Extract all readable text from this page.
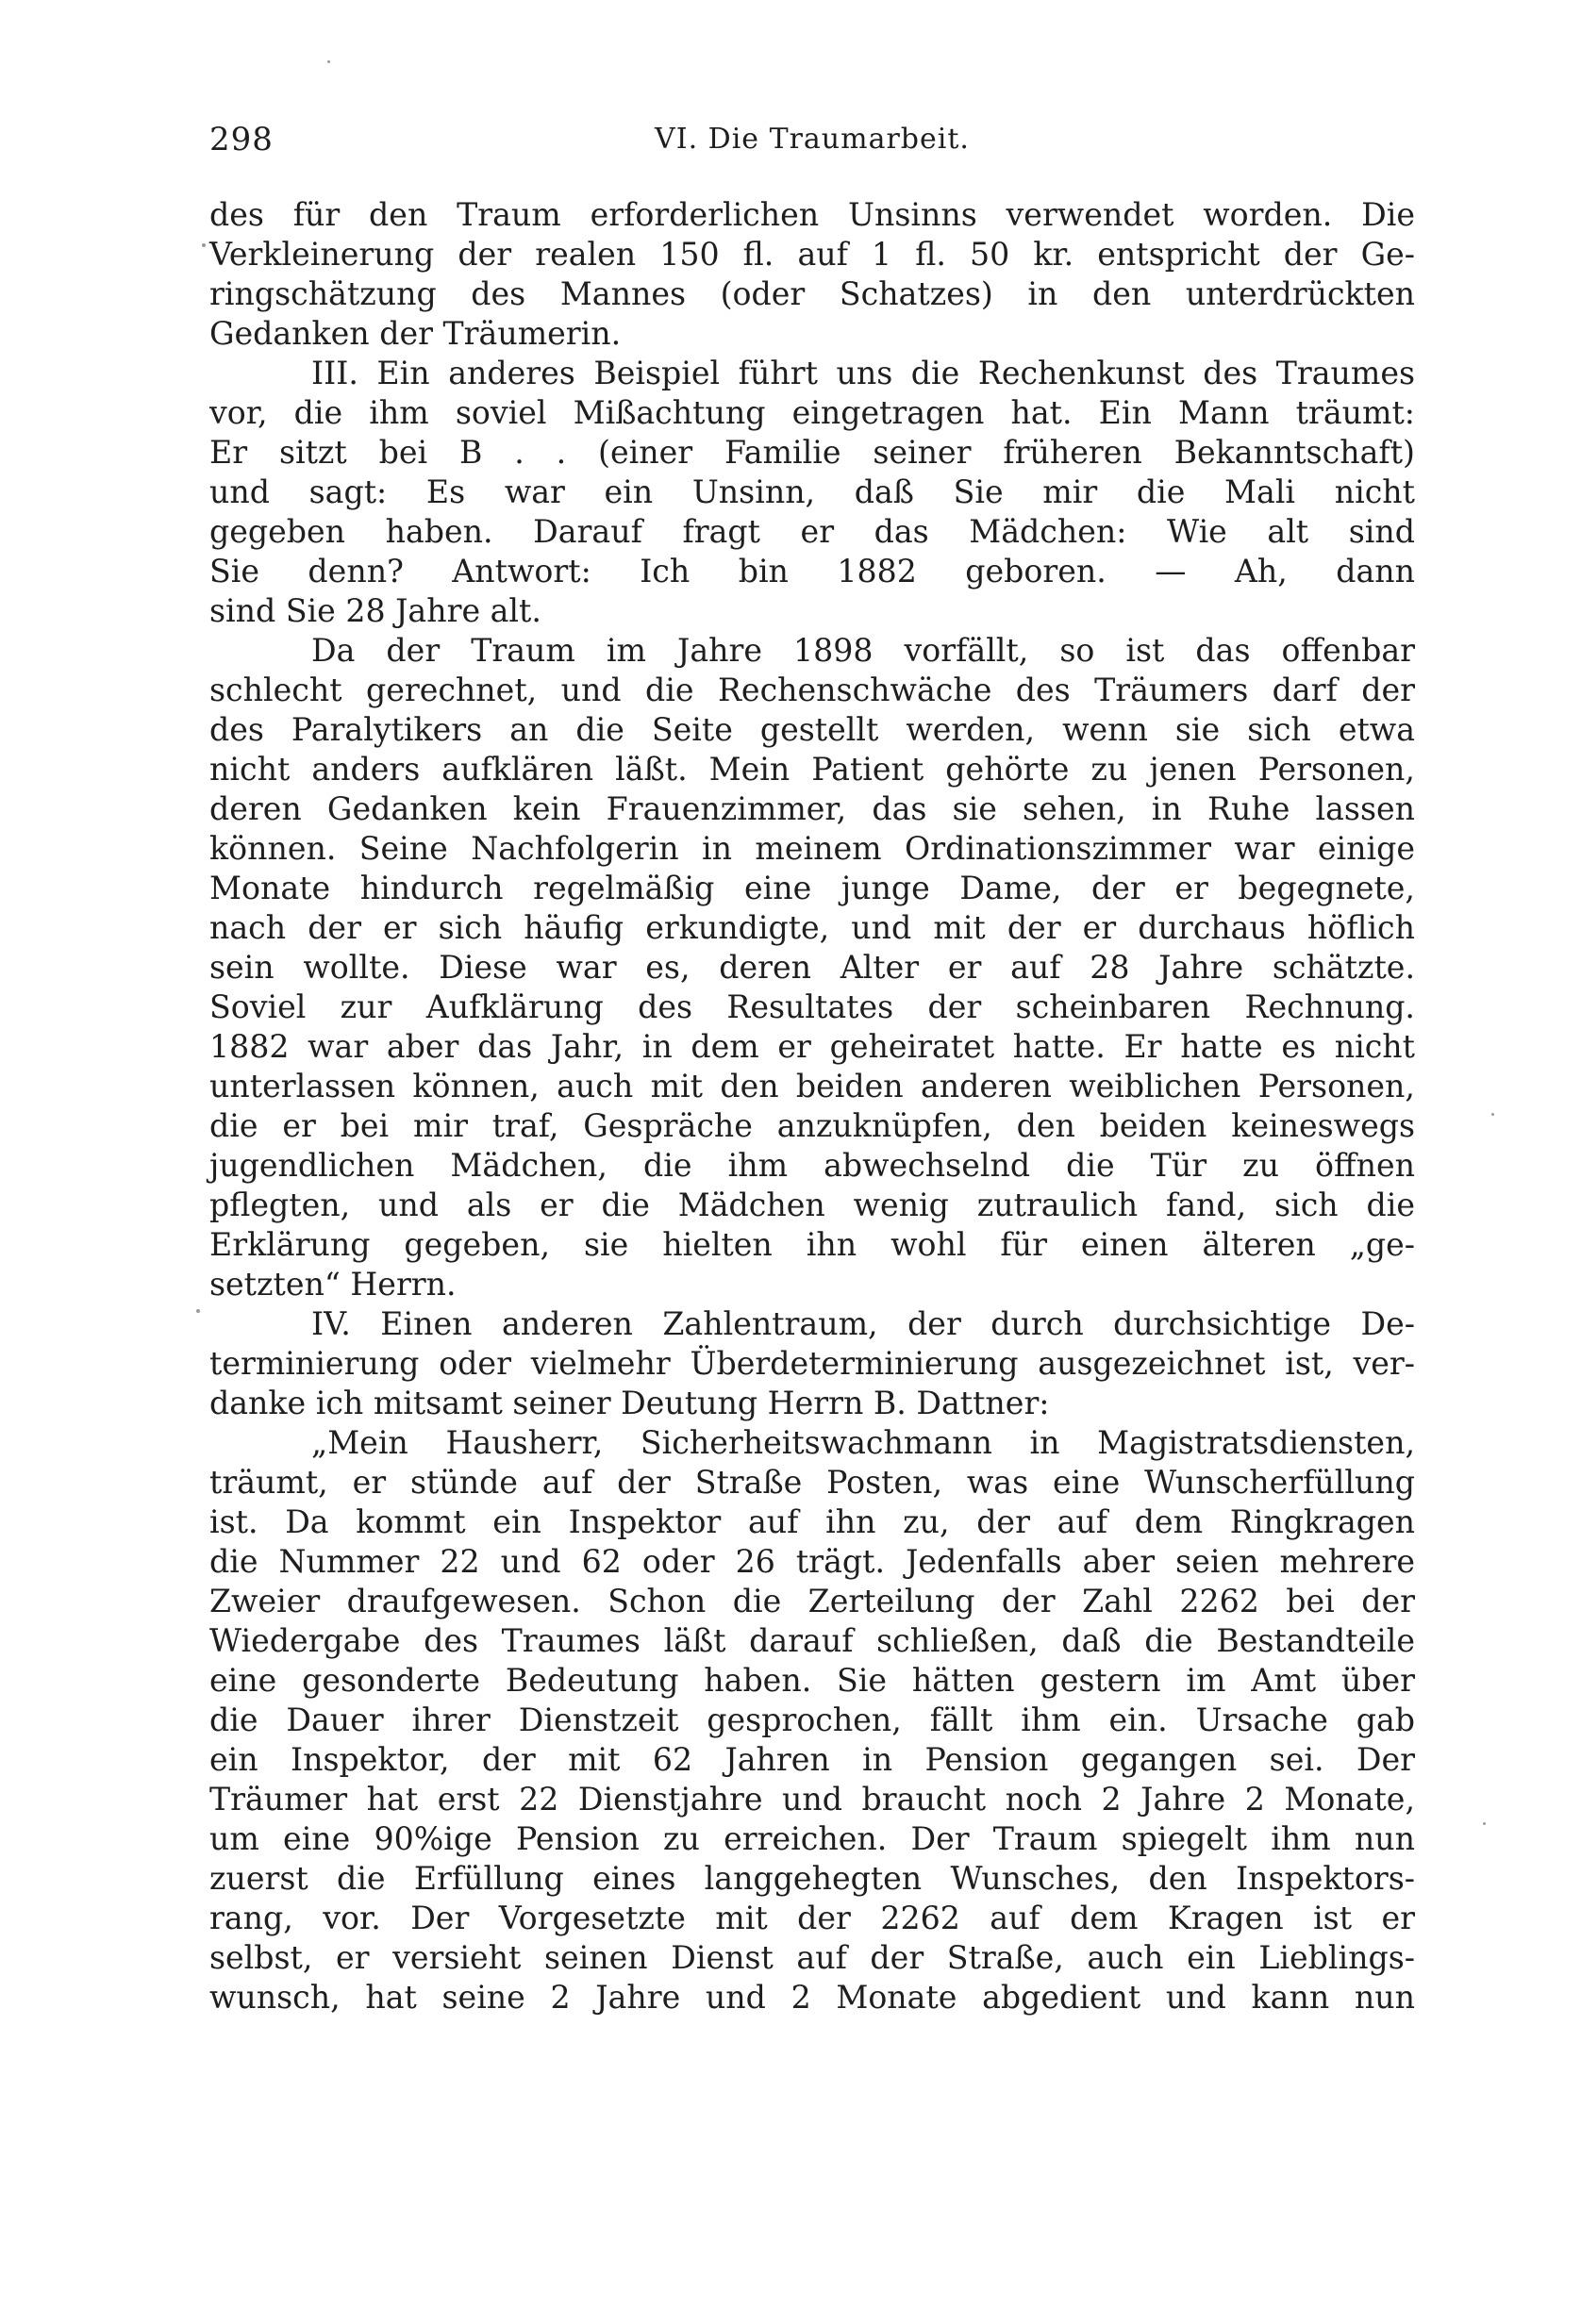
298	VI. Die Traumarbeit.
des für den Traum erforderlichen Unsinns verwendet worden. Die
Verkleinerung der realen 150 fl. auf 1 fl. 50 kr. entspricht der Ge-
ringschätzung des Mannes (oder Schatzes) in den unterdrückten
Gedanken der Träumerin.
III. Ein anderes Beispiel führt uns die Rechenkunst des Traumes
vor, die ihm soviel Mißachtung eingetragen hat. Ein Mann träumt:
Er sitzt bei B . . (einer Familie seiner früheren Bekanntschaft)
und sagt: Es war ein Unsinn, daß Sie mir die Mali nicht
gegeben haben. Darauf fragt er das Mädchen: Wie alt sind
Sie denn? Antwort: Ich bin 1882 geboren. — Ah, dann
sind Sie 28 Jahre alt.
Da der Traum im Jahre 1898 vorfällt, so ist das offenbar
schlecht gerechnet, und die Rechenschwäche des Träumers darf der
des Paralytikers an die Seite gestellt werden, wenn sie sich etwa
nicht anders aufklären läßt. Mein Patient gehörte zu jenen Personen,
deren Gedanken kein Frauenzimmer, das sie sehen, in Ruhe lassen
können. Seine Nachfolgerin in meinem Ordinationszimmer war einige
Monate hindurch regelmäßig eine junge Dame, der er begegnete,
nach der er sich häufig erkundigte, und mit der er durchaus höflich
sein wollte. Diese war es, deren Alter er auf 28 Jahre schätzte.
Soviel zur Aufklärung des Resultates der scheinbaren Rechnung.
1882 war aber das Jahr, in dem er geheiratet hatte. Er hatte es nicht
unterlassen können, auch mit den beiden anderen weiblichen Personen,
die er bei mir traf, Gespräche anzuknüpfen, den beiden keineswegs
jugendlichen Mädchen, die ihm abwechselnd die Tür zu öffnen
pflegten, und als er die Mädchen wenig zutraulich fand, sich die
Erklärung gegeben, sie hielten ihn wohl für einen älteren „ge-
setzten“ Herrn.
IV. Einen anderen Zahlentraum, der durch durchsichtige De-
terminierung oder vielmehr Überdeterminierung ausgezeichnet ist, ver-
danke ich mitsamt seiner Deutung Herrn B. Dattner:
„Mein Hausherr, Sicherheitswachmann in Magistratsdiensten,
träumt, er stünde auf der Straße Posten, was eine Wunscherfüllung
ist. Da kommt ein Inspektor auf ihn zu, der auf dem Ringkragen
die Nummer 22 und 62 oder 26 trägt. Jedenfalls aber seien mehrere
Zweier draufgewesen. Schon die Zerteilung der Zahl 2262 bei der
Wiedergabe des Traumes läßt darauf schließen, daß die Bestandteile
eine gesonderte Bedeutung haben. Sie hätten gestern im Amt über
die Dauer ihrer Dienstzeit gesprochen, fällt ihm ein. Ursache gab
ein Inspektor, der mit 62 Jahren in Pension gegangen sei. Der
Träumer hat erst 22 Dienstjahre und braucht noch 2 Jahre 2 Monate,
um eine 90%ige Pension zu erreichen. Der Traum spiegelt ihm nun
zuerst die Erfüllung eines langgehegten Wunsches, den Inspektors-
rang, vor. Der Vorgesetzte mit der 2262 auf dem Kragen ist er
selbst, er versieht seinen Dienst auf der Straße, auch ein Lieblings-
wunsch, hat seine 2 Jahre und 2 Monate abgedient und kann nun
